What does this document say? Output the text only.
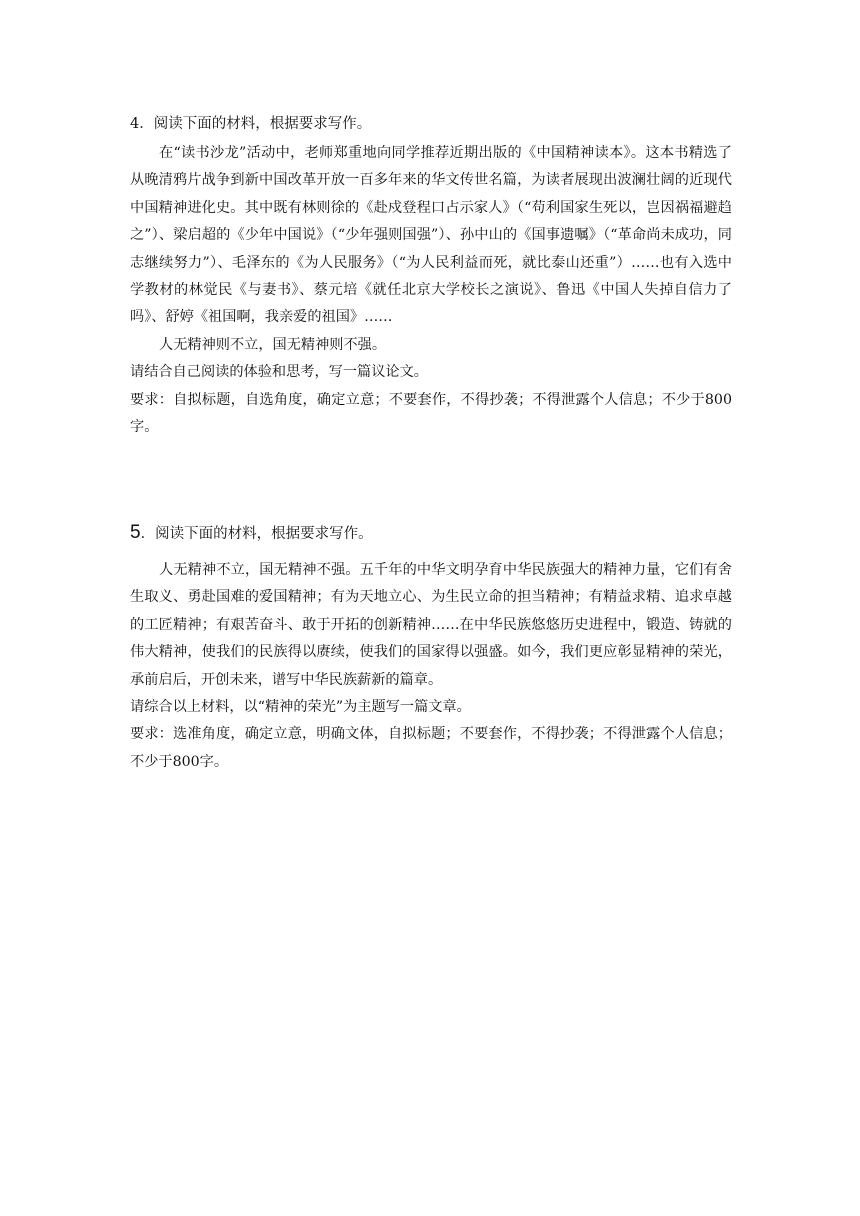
4．阅读下面的材料，根据要求写作。

在“读书沙龙”活动中，老师郑重地向同学推荐近期出版的《中国精神读本》。这本书精选了从晚清鸦片战争到新中国改革开放一百多年来的华文传世名篇，为读者展现出波澜壮阔的近现代中国精神进化史。其中既有林则徐的《赴戍登程口占示家人》（“苟利国家生死以，岂因祸福避趋之”）、梁启超的《少年中国说》（“少年强则国强”）、孙中山的《国事遗嘱》（“革命尚未成功，同志继续努力”）、毛泽东的《为人民服务》（“为人民利益而死，就比泰山还重”）……也有入选中学教材的林觉民《与妻书》、蔡元培《就任北京大学校长之演说》、鲁迅《中国人失掉自信力了吗》、舒婷《祖国啊，我亲爱的祖国》……

人无精神则不立，国无精神则不强。

请结合自己阅读的体验和思考，写一篇议论文。

要求：自拟标题，自选角度，确定立意；不要套作，不得抄袭；不得泄露个人信息；不少于800字。

5．阅读下面的材料，根据要求写作。

人无精神不立，国无精神不强。五千年的中华文明孕育中华民族强大的精神力量，它们有舍生取义、勇赴国难的爱国精神；有为天地立心、为生民立命的担当精神；有精益求精、追求卓越的工匠精神；有艰苦奋斗、敢于开拓的创新精神……在中华民族悠悠历史进程中，锻造、铸就的伟大精神，使我们的民族得以赓续，使我们的国家得以强盛。如今，我们更应彰显精神的荣光，承前启后，开创未来，谱写中华民族薪新的篇章。

请综合以上材料，以“精神的荣光”为主题写一篇文章。

要求：选准角度，确定立意，明确文体，自拟标题；不要套作，不得抄袭；不得泄露个人信息；不少于800字。
